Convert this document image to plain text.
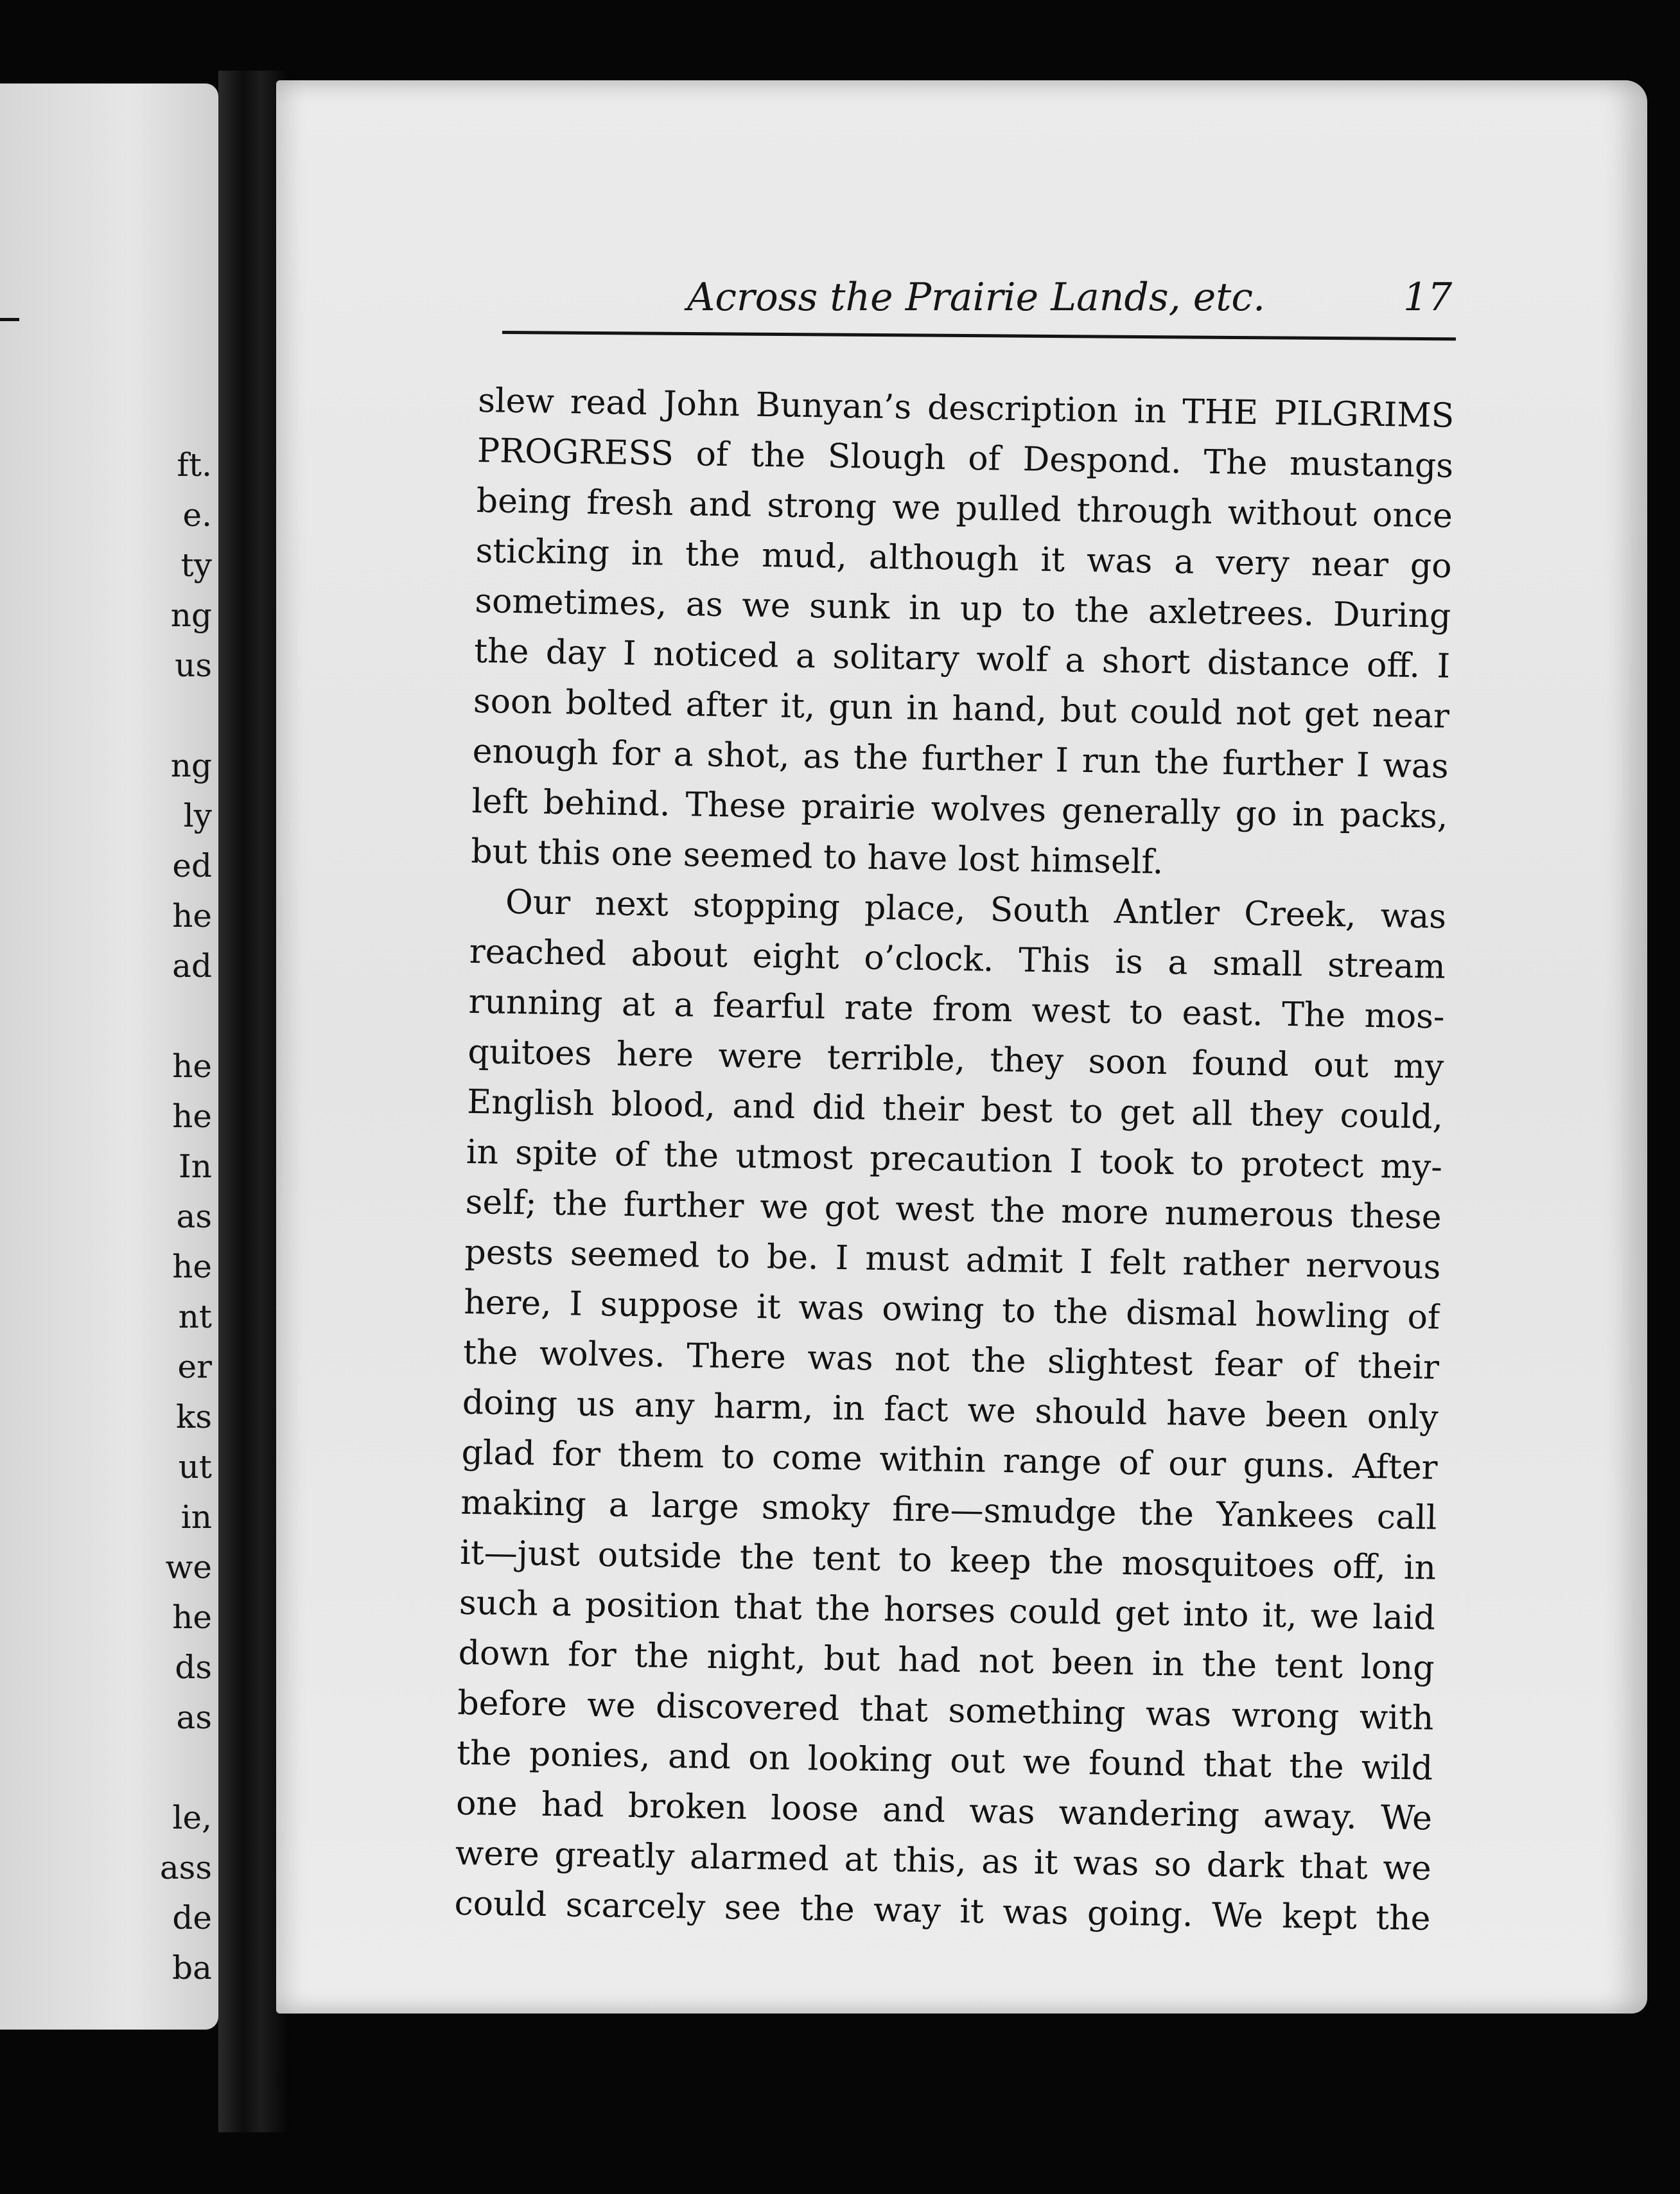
ft.
e.
ty
ng
us
ng
ly
ed
he
ad
he
he
In
as
he
nt
er
ks
ut
in
we
he
ds
as
le,
ass
de
ba
Across the Prairie Lands, etc.	17
slew read John Bunyan’s description in THE PILGRIMS
PROGRESS of the Slough of Despond. The mustangs
being fresh and strong we pulled through without once
sticking in the mud, although it was a very near go
sometimes, as we sunk in up to the axletrees. During
the day I noticed a solitary wolf a short distance off. I
soon bolted after it, gun in hand, but could not get near
enough for a shot, as the further I run the further I was
left behind. These prairie wolves generally go in packs,
but this one seemed to have lost himself.
Our next stopping place, South Antler Creek, was
reached about eight o’clock. This is a small stream
running at a fearful rate from west to east. The mos-
quitoes here were terrible, they soon found out my
English blood, and did their best to get all they could,
in spite of the utmost precaution I took to protect my-
self; the further we got west the more numerous these
pests seemed to be. I must admit I felt rather nervous
here, I suppose it was owing to the dismal howling of
the wolves. There was not the slightest fear of their
doing us any harm, in fact we should have been only
glad for them to come within range of our guns. After
making a large smoky fire—smudge the Yankees call
it—just outside the tent to keep the mosquitoes off, in
such a position that the horses could get into it, we laid
down for the night, but had not been in the tent long
before we discovered that something was wrong with
the ponies, and on looking out we found that the wild
one had broken loose and was wandering away. We
were greatly alarmed at this, as it was so dark that we
could scarcely see the way it was going. We kept the
